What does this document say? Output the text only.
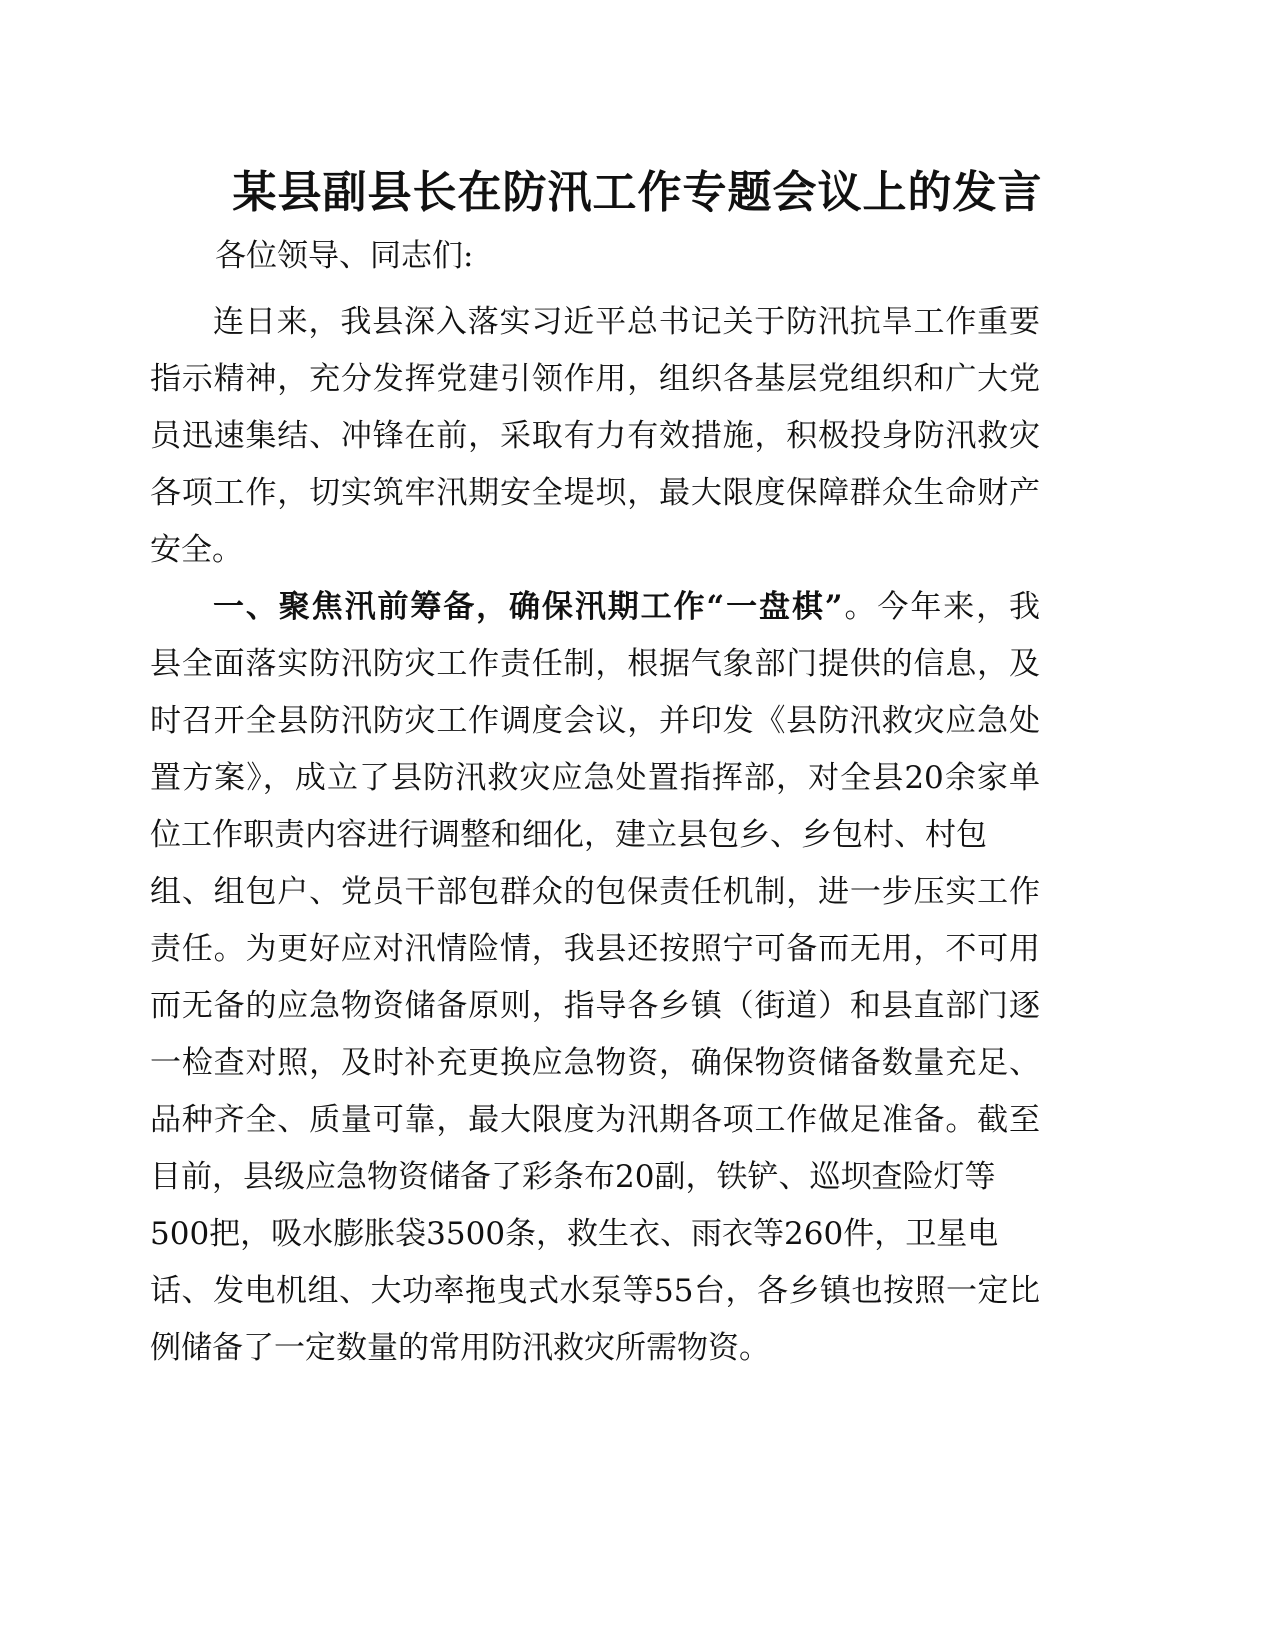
某县副县长在防汛工作专题会议上的发言

各位领导、同志们:

连日来，我县深入落实习近平总书记关于防汛抗旱工作重要

指示精神，充分发挥党建引领作用，组织各基层党组织和广大党

员迅速集结、冲锋在前，采取有力有效措施，积极投身防汛救灾

各项工作，切实筑牢汛期安全堤坝，最大限度保障群众生命财产

安全。

一、聚焦汛前筹备，确保汛期工作“一盘棋”。今年来，我

县全面落实防汛防灾工作责任制，根据气象部门提供的信息，及

时召开全县防汛防灾工作调度会议，并印发《县防汛救灾应急处

置方案》，成立了县防汛救灾应急处置指挥部，对全县20余家单

位工作职责内容进行调整和细化，建立县包乡、乡包村、村包

组、组包户、党员干部包群众的包保责任机制，进一步压实工作

责任。为更好应对汛情险情，我县还按照宁可备而无用，不可用

而无备的应急物资储备原则，指导各乡镇（街道）和县直部门逐

一检查对照，及时补充更换应急物资，确保物资储备数量充足、

品种齐全、质量可靠，最大限度为汛期各项工作做足准备。截至

目前，县级应急物资储备了彩条布20副，铁铲、巡坝查险灯等

500把，吸水膨胀袋3500条，救生衣、雨衣等260件，卫星电

话、发电机组、大功率拖曳式水泵等55台，各乡镇也按照一定比

例储备了一定数量的常用防汛救灾所需物资。
